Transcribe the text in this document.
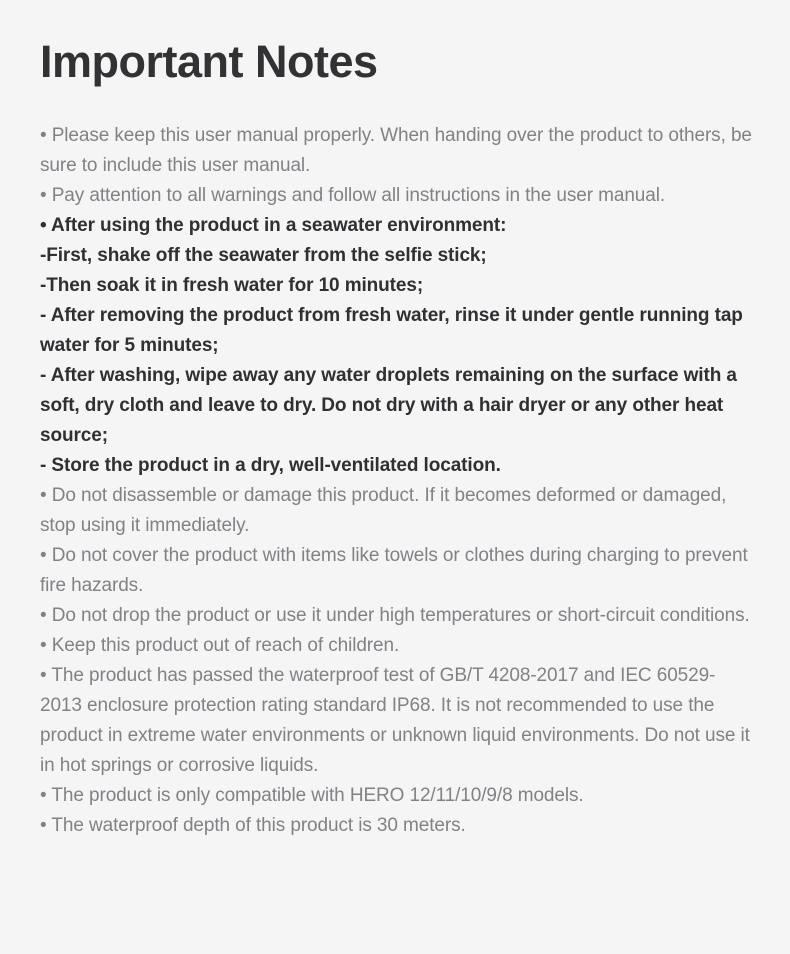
Important Notes

• Please keep this user manual properly. When handing over the product to others, be sure to include this user manual.

• Pay attention to all warnings and follow all instructions in the user manual.

• After using the product in a seawater environment:

-First, shake off the seawater from the selfie stick;

-Then soak it in fresh water for 10 minutes;

- After removing the product from fresh water, rinse it under gentle running tap water for 5 minutes;

- After washing, wipe away any water droplets remaining on the surface with a soft, dry cloth and leave to dry. Do not dry with a hair dryer or any other heat source;

- Store the product in a dry, well-ventilated location.

• Do not disassemble or damage this product. If it becomes deformed or damaged, stop using it immediately.

• Do not cover the product with items like towels or clothes during charging to prevent fire hazards.

• Do not drop the product or use it under high temperatures or short-circuit conditions.

• Keep this product out of reach of children.

• The product has passed the waterproof test of GB/T 4208-2017 and IEC 60529-2013 enclosure protection rating standard IP68. It is not recommended to use the product in extreme water environments or unknown liquid environments. Do not use it in hot springs or corrosive liquids.

• The product is only compatible with HERO 12/11/10/9/8 models.

• The waterproof depth of this product is 30 meters.
